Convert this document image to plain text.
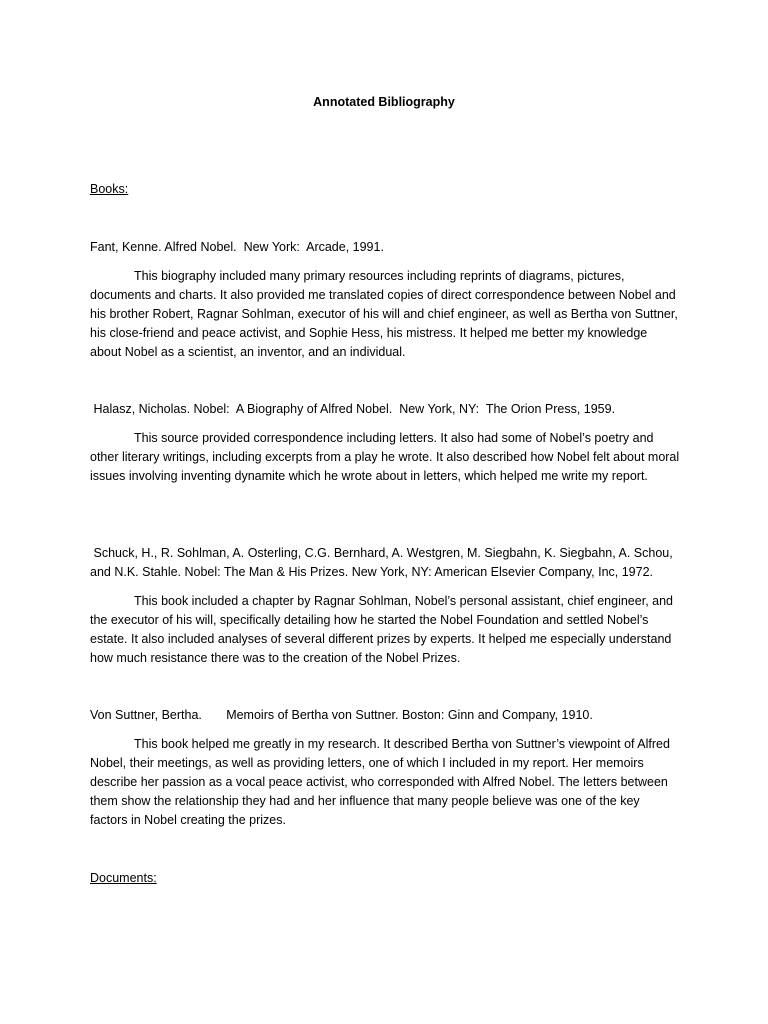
Annotated Bibliography
Books:
Fant, Kenne. Alfred Nobel.  New York:  Arcade, 1991.
This biography included many primary resources including reprints of diagrams, pictures, documents and charts. It also provided me translated copies of direct correspondence between Nobel and his brother Robert, Ragnar Sohlman, executor of his will and chief engineer, as well as Bertha von Suttner, his close-friend and peace activist, and Sophie Hess, his mistress. It helped me better my knowledge about Nobel as a scientist, an inventor, and an individual.
Halasz, Nicholas. Nobel:  A Biography of Alfred Nobel.  New York, NY:  The Orion Press, 1959.
This source provided correspondence including letters. It also had some of Nobel’s poetry and other literary writings, including excerpts from a play he wrote. It also described how Nobel felt about moral issues involving inventing dynamite which he wrote about in letters, which helped me write my report.
Schuck, H., R. Sohlman, A. Osterling, C.G. Bernhard, A. Westgren, M. Siegbahn, K. Siegbahn, A. Schou, and N.K. Stahle. Nobel: The Man & His Prizes. New York, NY: American Elsevier Company, Inc, 1972.
This book included a chapter by Ragnar Sohlman, Nobel’s personal assistant, chief engineer, and the executor of his will, specifically detailing how he started the Nobel Foundation and settled Nobel’s estate. It also included analyses of several different prizes by experts. It helped me especially understand how much resistance there was to the creation of the Nobel Prizes.
Von Suttner, Bertha.       Memoirs of Bertha von Suttner. Boston: Ginn and Company, 1910.
This book helped me greatly in my research. It described Bertha von Suttner’s viewpoint of Alfred Nobel, their meetings, as well as providing letters, one of which I included in my report. Her memoirs describe her passion as a vocal peace activist, who corresponded with Alfred Nobel. The letters between them show the relationship they had and her influence that many people believe was one of the key factors in Nobel creating the prizes.
Documents:
